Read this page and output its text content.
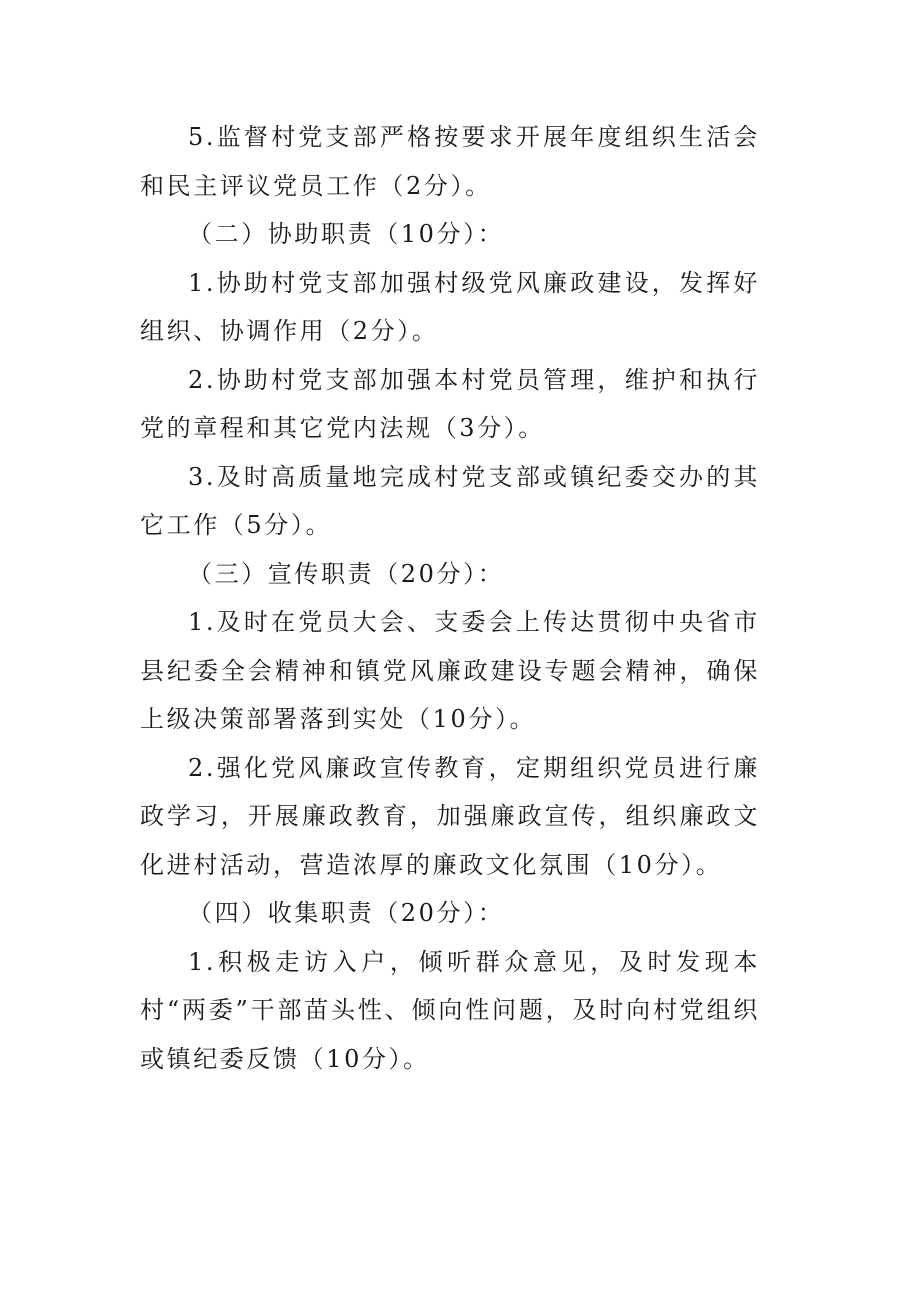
5.监督村党支部严格按要求开展年度组织生活会和民主评议党员工作（2分）。

（二）协助职责（10分）：

1.协助村党支部加强村级党风廉政建设，发挥好组织、协调作用（2分）。

2.协助村党支部加强本村党员管理，维护和执行党的章程和其它党内法规（3分）。

3.及时高质量地完成村党支部或镇纪委交办的其它工作（5分）。

（三）宣传职责（20分）：

1.及时在党员大会、支委会上传达贯彻中央省市县纪委全会精神和镇党风廉政建设专题会精神，确保上级决策部署落到实处（10分）。

2.强化党风廉政宣传教育，定期组织党员进行廉政学习，开展廉政教育，加强廉政宣传，组织廉政文化进村活动，营造浓厚的廉政文化氛围（10分）。

（四）收集职责（20分）：

1.积极走访入户，倾听群众意见，及时发现本村“两委”干部苗头性、倾向性问题，及时向村党组织或镇纪委反馈（10分）。
